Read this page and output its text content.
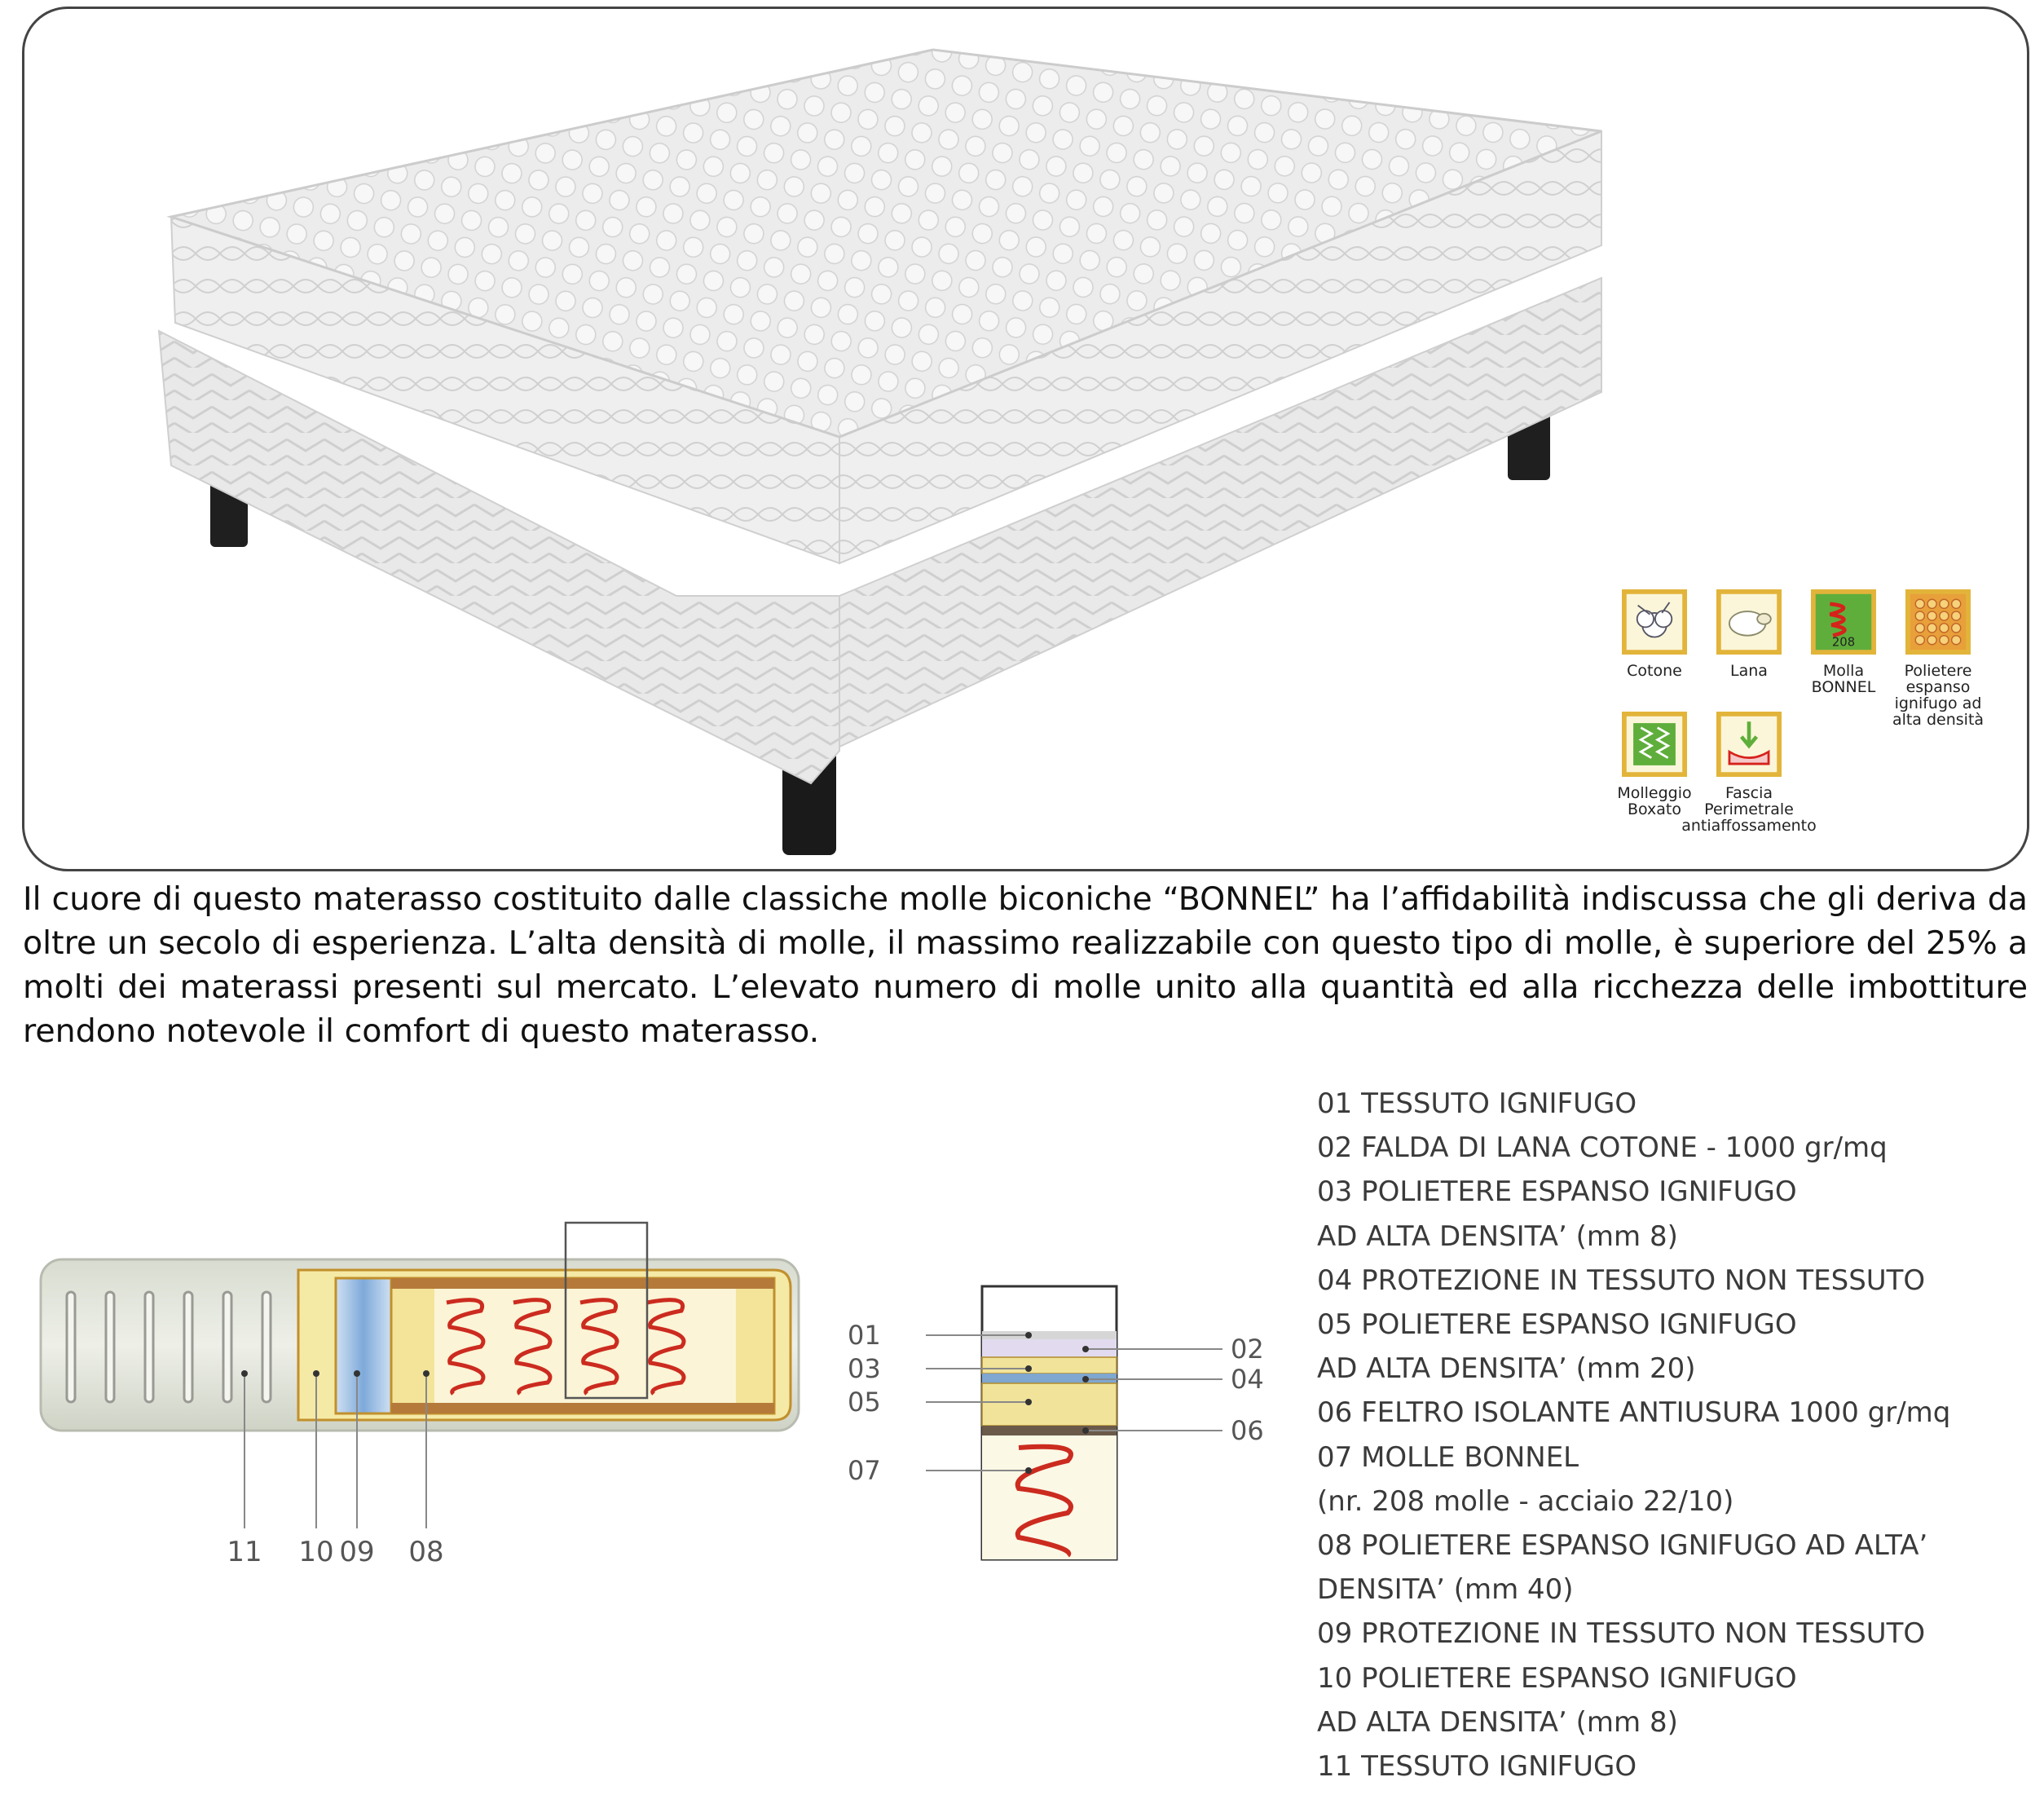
Cotone	Lana
208
Molla
BONNEL
Polietere
espanso
ignifugo ad
alta densità
Molleggio
Boxato
Fascia
Perimetrale
antiaffossamento

Il cuore di questo materasso costituito dalle classiche molle biconiche “BONNEL” ha l’affidabilità indiscussa che gli deriva da oltre un secolo di esperienza. L’alta densità di molle, il massimo realizzabile con questo tipo di molle, è superiore del 25% a molti dei materassi presenti sul mercato. L’elevato numero di molle unito alla quantità ed alla ricchezza delle imbottiture rendono notevole il comfort di questo materasso.

11 10 09 08
01
03
05
07
02
04
06
01 TESSUTO IGNIFUGO
02 FALDA DI LANA COTONE - 1000 gr/mq
03 POLIETERE ESPANSO IGNIFUGO
AD ALTA DENSITA’ (mm 8)
04 PROTEZIONE IN TESSUTO NON TESSUTO
05 POLIETERE ESPANSO IGNIFUGO
AD ALTA DENSITA’ (mm 20)
06 FELTRO ISOLANTE ANTIUSURA 1000 gr/mq
07 MOLLE BONNEL
(nr. 208 molle - acciaio 22/10)
08 POLIETERE ESPANSO IGNIFUGO AD ALTA’
DENSITA’ (mm 40)
09 PROTEZIONE IN TESSUTO NON TESSUTO
10 POLIETERE ESPANSO IGNIFUGO
AD ALTA DENSITA’ (mm 8)
11 TESSUTO IGNIFUGO
